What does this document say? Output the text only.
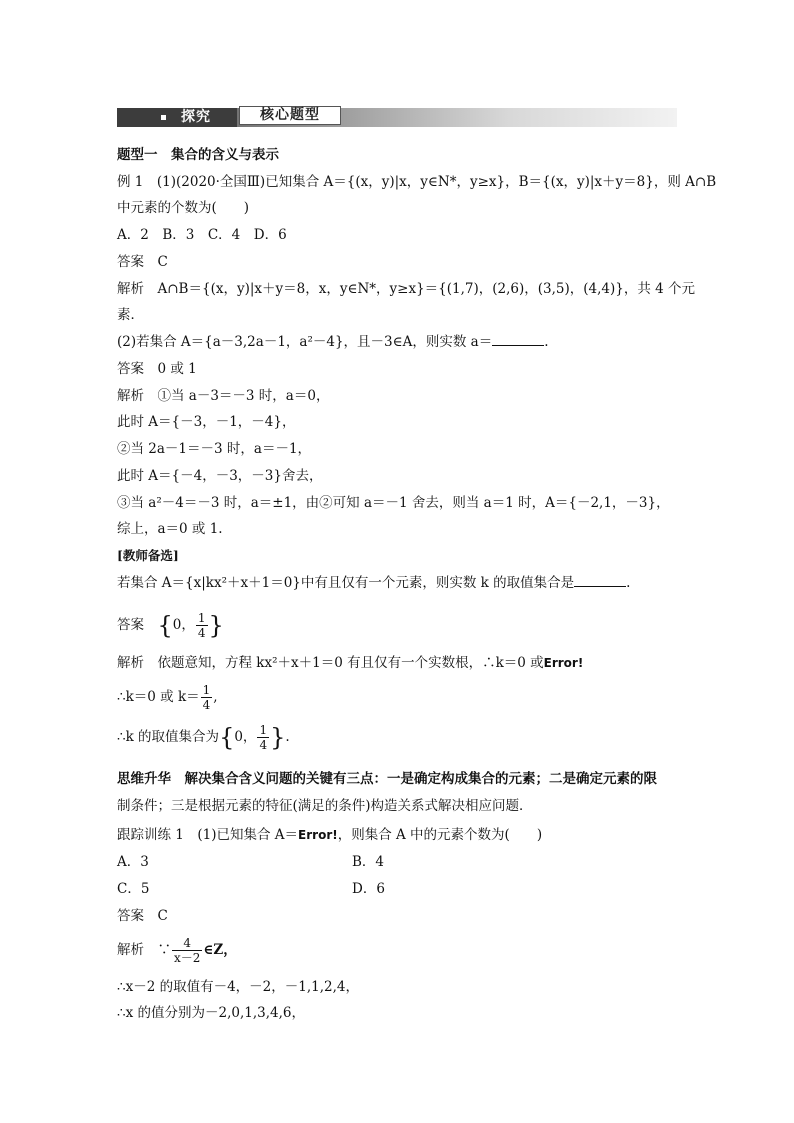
探究	核心题型
题型一　集合的含义与表示
例 1　(1)(2020·全国Ⅲ)已知集合 A＝{(x，y)|x，y∈N*，y≥x}，B＝{(x，y)|x＋y＝8}，则 A∩B
中元素的个数为(　　)
A．2　B．3　C．4　D．6
答案　C
解析　A∩B＝{(x，y)|x＋y＝8，x，y∈N*，y≥x}＝{(1,7)，(2,6)，(3,5)，(4,4)}，共 4 个元
素．
(2)若集合 A＝{a－3,2a－1，a²－4}，且－3∈A，则实数 a＝	.
答案　0 或 1
解析　①当 a－3＝－3 时，a＝0，
此时 A＝{－3，－1，－4}，
②当 2a－1＝－3 时，a＝－1，
此时 A＝{－4，－3，－3}舍去，
③当 a²－4＝－3 时，a＝±1，由②可知 a＝－1 舍去，则当 a＝1 时，A＝{－2,1，－3}，
综上，a＝0 或 1.
[教师备选]
若集合 A＝{x|kx²＋x＋1＝0}中有且仅有一个元素，则实数 k 的取值集合是	.
答案　{0， $\frac{1}{4}$ }
解析　依题意知，方程 kx²＋x＋1＝0 有且仅有一个实数根，∴k＝0 或Error!
∴k＝0 或 $k= \frac{1}{4}$ ,
∴k 的取值集合为{0， $\frac{1}{4}$ }.
思维升华　解决集合含义问题的关键有三点：一是确定构成集合的元素；二是确定元素的限
制条件；三是根据元素的特征(满足的条件)构造关系式解决相应问题．
跟踪训练 1　(1)已知集合 A＝Error!，则集合 A 中的元素个数为(　　)
A．3	B．4
C．5	D．6
答案　C
解析　∵ $\frac{4}{x-2}$ ∈Z，
∴x－2 的取值有－4，－2，－1,1,2,4，
∴x 的值分别为－2,0,1,3,4,6，
